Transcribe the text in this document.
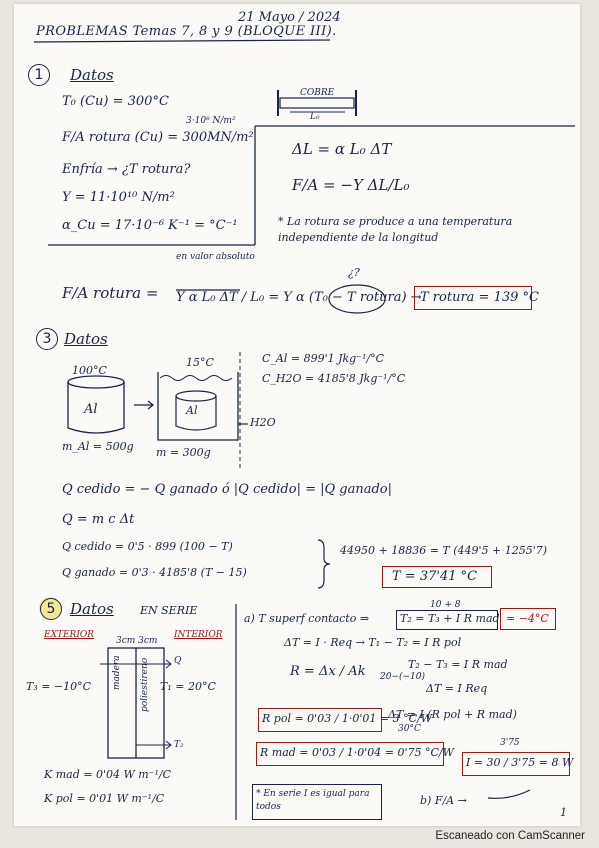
21 Mayo / 2024
PROBLEMAS Temas 7, 8 y 9 (BLOQUE III).
1	Datos
T₀ (Cu) = 300°C
3·10⁸ N/m²
F/A rotura (Cu) = 300MN/m²
Enfría → ¿T rotura?
Y = 11·10¹⁰ N/m²
α_Cu = 17·10⁻⁶ K⁻¹ = °C⁻¹
COBRE
L₀
ΔL = α L₀ ΔT
F/A = −Y ΔL/L₀
* La rotura se produce a una temperatura independiente de la longitud
en valor absoluto
¿?
F/A rotura = Y α L₀ ΔT / L₀ = Y α (T₀ − T rotura) →
T rotura = 139 °C
3 Datos
100°C
15°C
Al	Al
H2O
m_Al = 500g m = 300g
C_Al = 899'1 Jkg⁻¹/°C
C_H2O = 4185'8 Jkg⁻¹/°C
Q cedido = − Q ganado ó |Q cedido| = |Q ganado|
Q = m c Δt
Q cedido = 0'5 · 899 (100 − T)
Q ganado = 0'3 · 4185'8 (T − 15)
44950 + 18836 = T (449'5 + 1255'7)
T = 37'41 °C
5 Datos EN SERIE
EXTERIOR	INTERIOR
3cm 3cm
madera poliestireno	Q
T₃ = −10°C	T₁ = 20°C
T₂
K mad = 0'04 W m⁻¹/C
K pol = 0'01 W m⁻¹/C
a) T superf contacto ⇒
10 + 8
T₂ = T₃ + I R mad = −4°C
ΔT = I · Req → T₁ − T₂ = I R pol
T₂ − T₃ = I R mad
R = Δx / Ak 20−(−10)
ΔT = I Req
ΔT = I (R pol + R mad)
30°C
R pol = 0'03 / 1·0'01 = 3 °C/W
R mad = 0'03 / 1·0'04 = 0'75 °C/W
3'75
I = 30 / 3'75 = 8 W
* En serie I es igual para todos	b) F/A →
1
Escaneado con CamScanner
